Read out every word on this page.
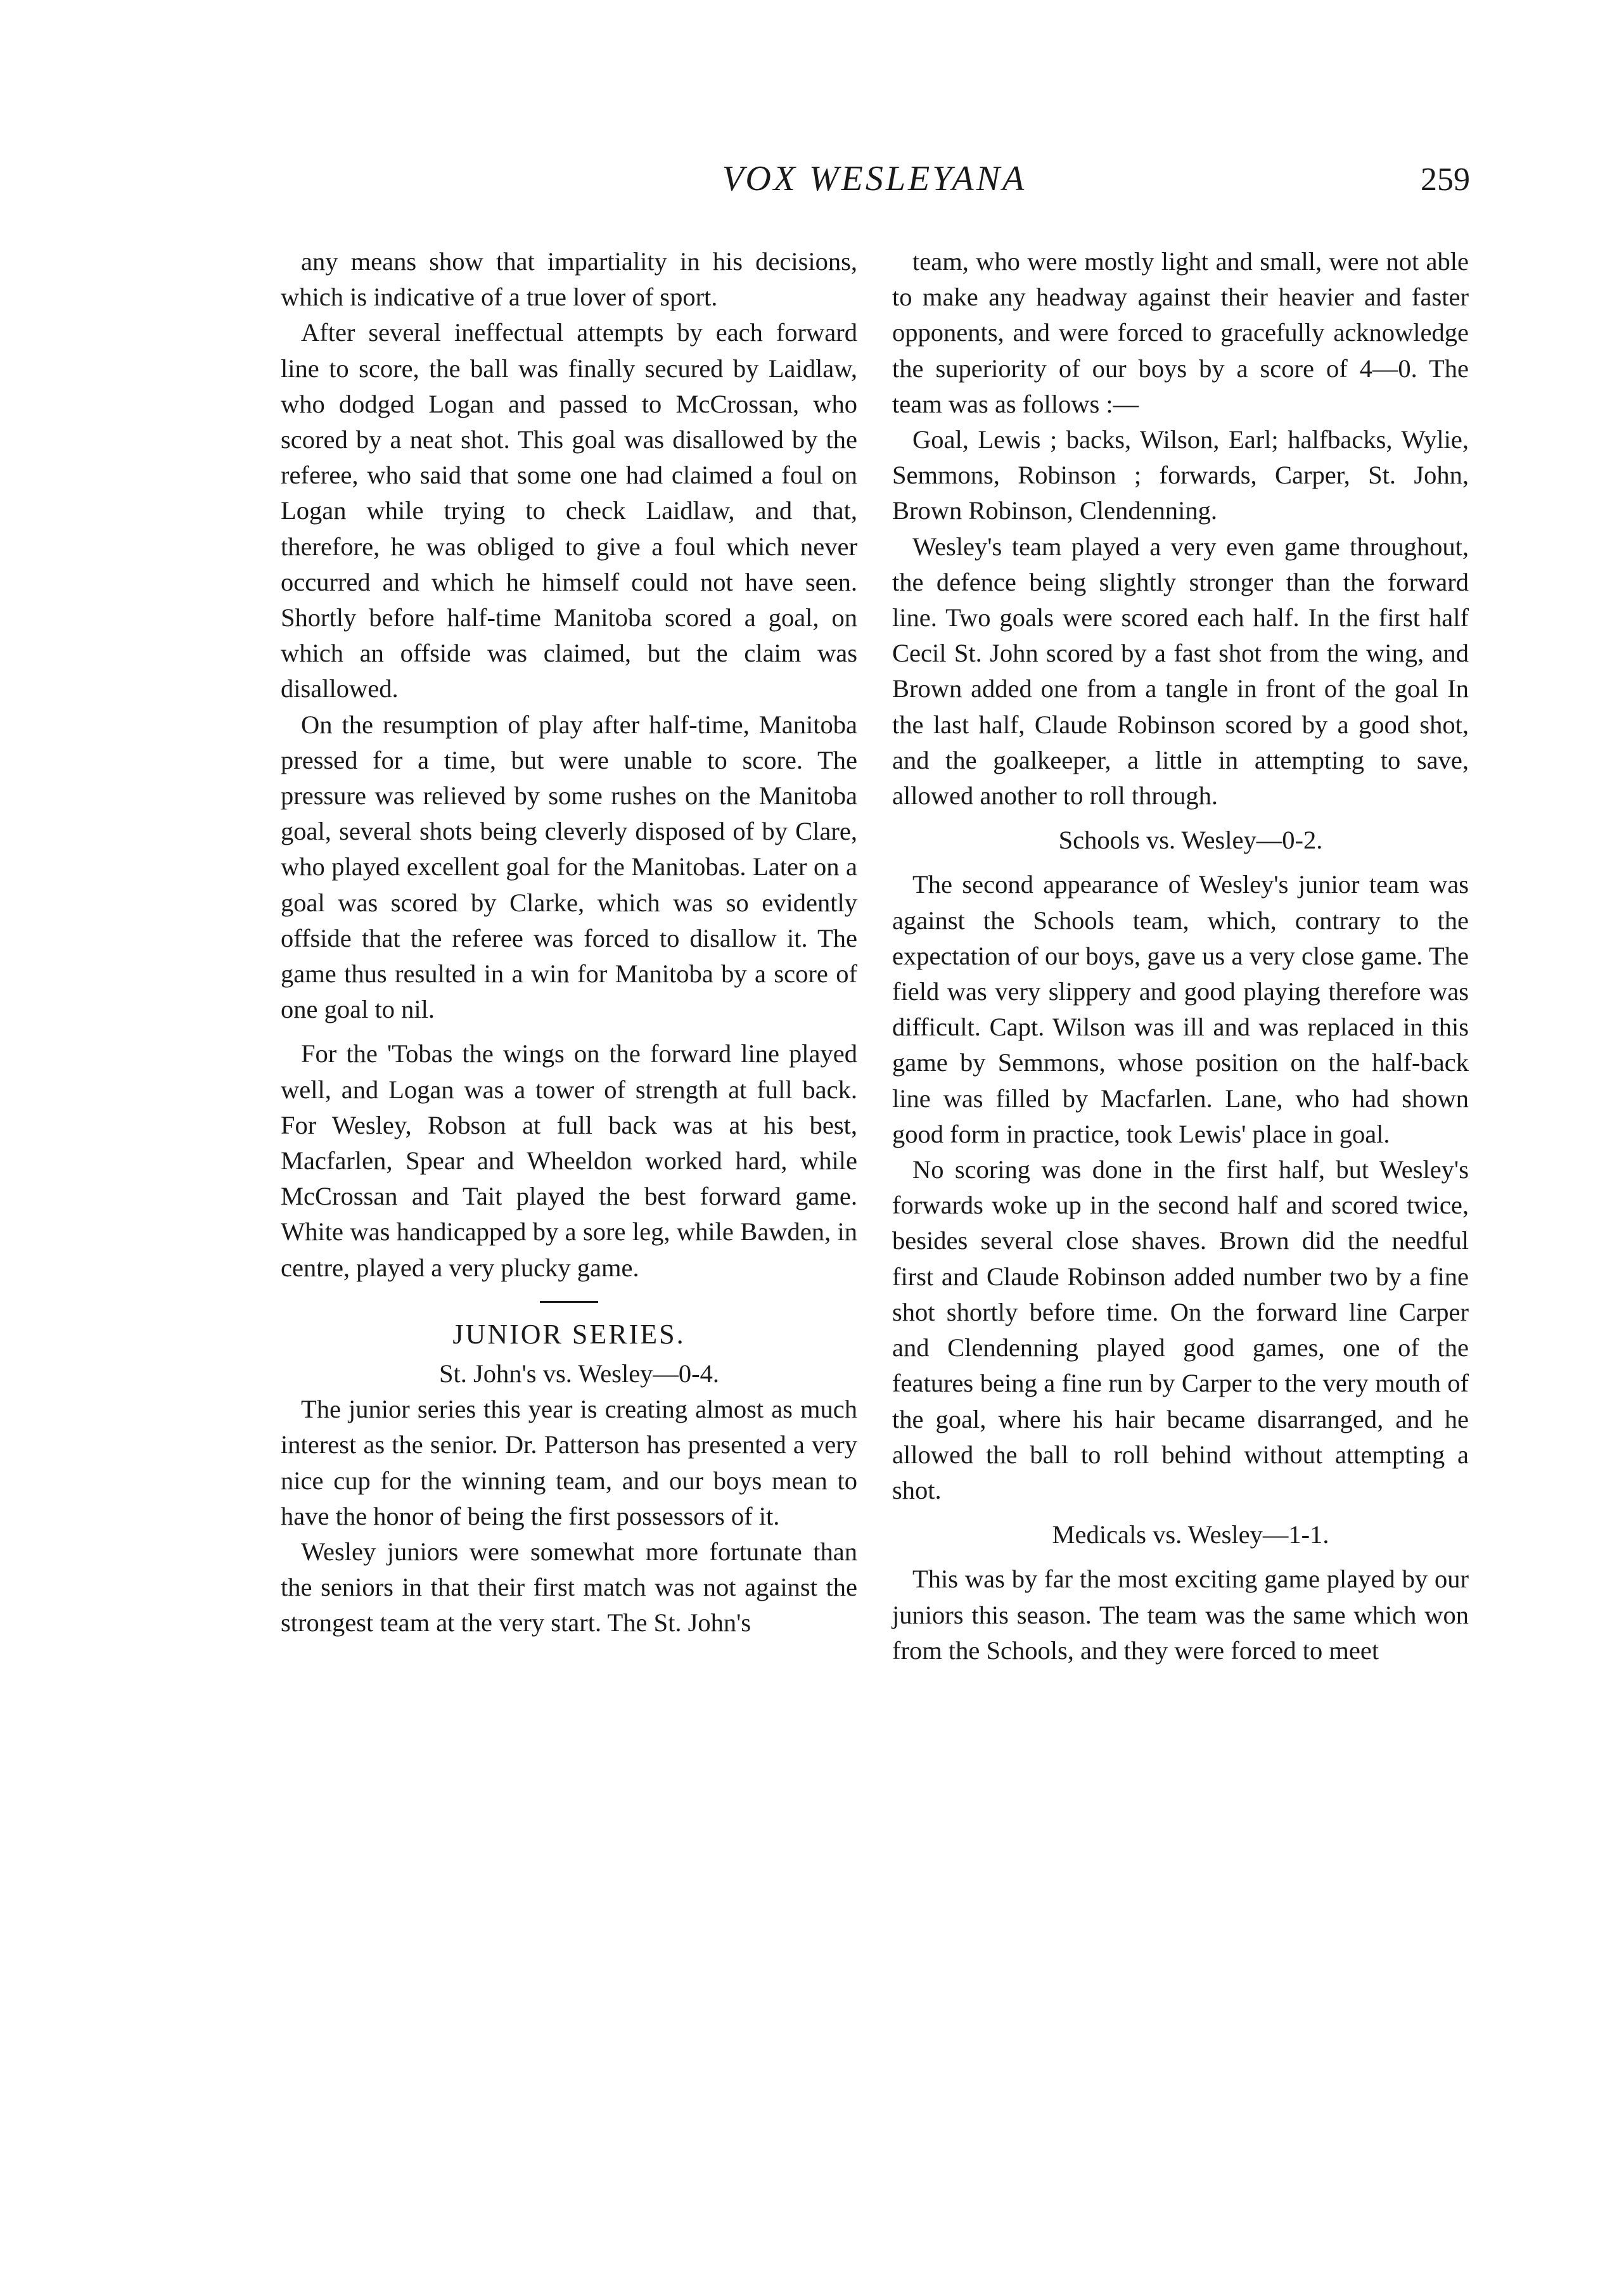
VOX WESLEYANA	259

any means show that impartiality in his decisions, which is indicative of a true lover of sport.

After several ineffectual attempts by each forward line to score, the ball was finally secured by Laidlaw, who dodged Logan and passed to McCrossan, who scored by a neat shot. This goal was disallowed by the referee, who said that some one had claimed a foul on Logan while trying to check Laidlaw, and that, therefore, he was obliged to give a foul which never occurred and which he himself could not have seen. Shortly before half-time Manitoba scored a goal, on which an offside was claimed, but the claim was disallowed.

On the resumption of play after half-time, Manitoba pressed for a time, but were unable to score. The pressure was relieved by some rushes on the Manitoba goal, several shots being cleverly disposed of by Clare, who played excellent goal for the Manitobas. Later on a goal was scored by Clarke, which was so evidently offside that the referee was forced to disallow it. The game thus resulted in a win for Manitoba by a score of one goal to nil.

For the 'Tobas the wings on the forward line played well, and Logan was a tower of strength at full back. For Wesley, Robson at full back was at his best, Macfarlen, Spear and Wheeldon worked hard, while McCrossan and Tait played the best forward game. White was handicapped by a sore leg, while Bawden, in centre, played a very plucky game.

JUNIOR SERIES.

St. John's vs. Wesley—0-4.

The junior series this year is creating almost as much interest as the senior. Dr. Patterson has presented a very nice cup for the winning team, and our boys mean to have the honor of being the first possessors of it.

Wesley juniors were somewhat more fortunate than the seniors in that their first match was not against the strongest team at the very start. The St. John's

team, who were mostly light and small, were not able to make any headway against their heavier and faster opponents, and were forced to gracefully acknowledge the superiority of our boys by a score of 4—0. The team was as follows :—

Goal, Lewis ; backs, Wilson, Earl; halfbacks, Wylie, Semmons, Robinson ; forwards, Carper, St. John, Brown Robinson, Clendenning.

Wesley's team played a very even game throughout, the defence being slightly stronger than the forward line. Two goals were scored each half. In the first half Cecil St. John scored by a fast shot from the wing, and Brown added one from a tangle in front of the goal In the last half, Claude Robinson scored by a good shot, and the goalkeeper, a little in attempting to save, allowed another to roll through.

Schools vs. Wesley—0-2.

The second appearance of Wesley's junior team was against the Schools team, which, contrary to the expectation of our boys, gave us a very close game. The field was very slippery and good playing therefore was difficult. Capt. Wilson was ill and was replaced in this game by Semmons, whose position on the half-back line was filled by Macfarlen. Lane, who had shown good form in practice, took Lewis' place in goal.

No scoring was done in the first half, but Wesley's forwards woke up in the second half and scored twice, besides several close shaves. Brown did the needful first and Claude Robinson added number two by a fine shot shortly before time. On the forward line Carper and Clendenning played good games, one of the features being a fine run by Carper to the very mouth of the goal, where his hair became disarranged, and he allowed the ball to roll behind without attempting a shot.

Medicals vs. Wesley—1-1.

This was by far the most exciting game played by our juniors this season. The team was the same which won from the Schools, and they were forced to meet
